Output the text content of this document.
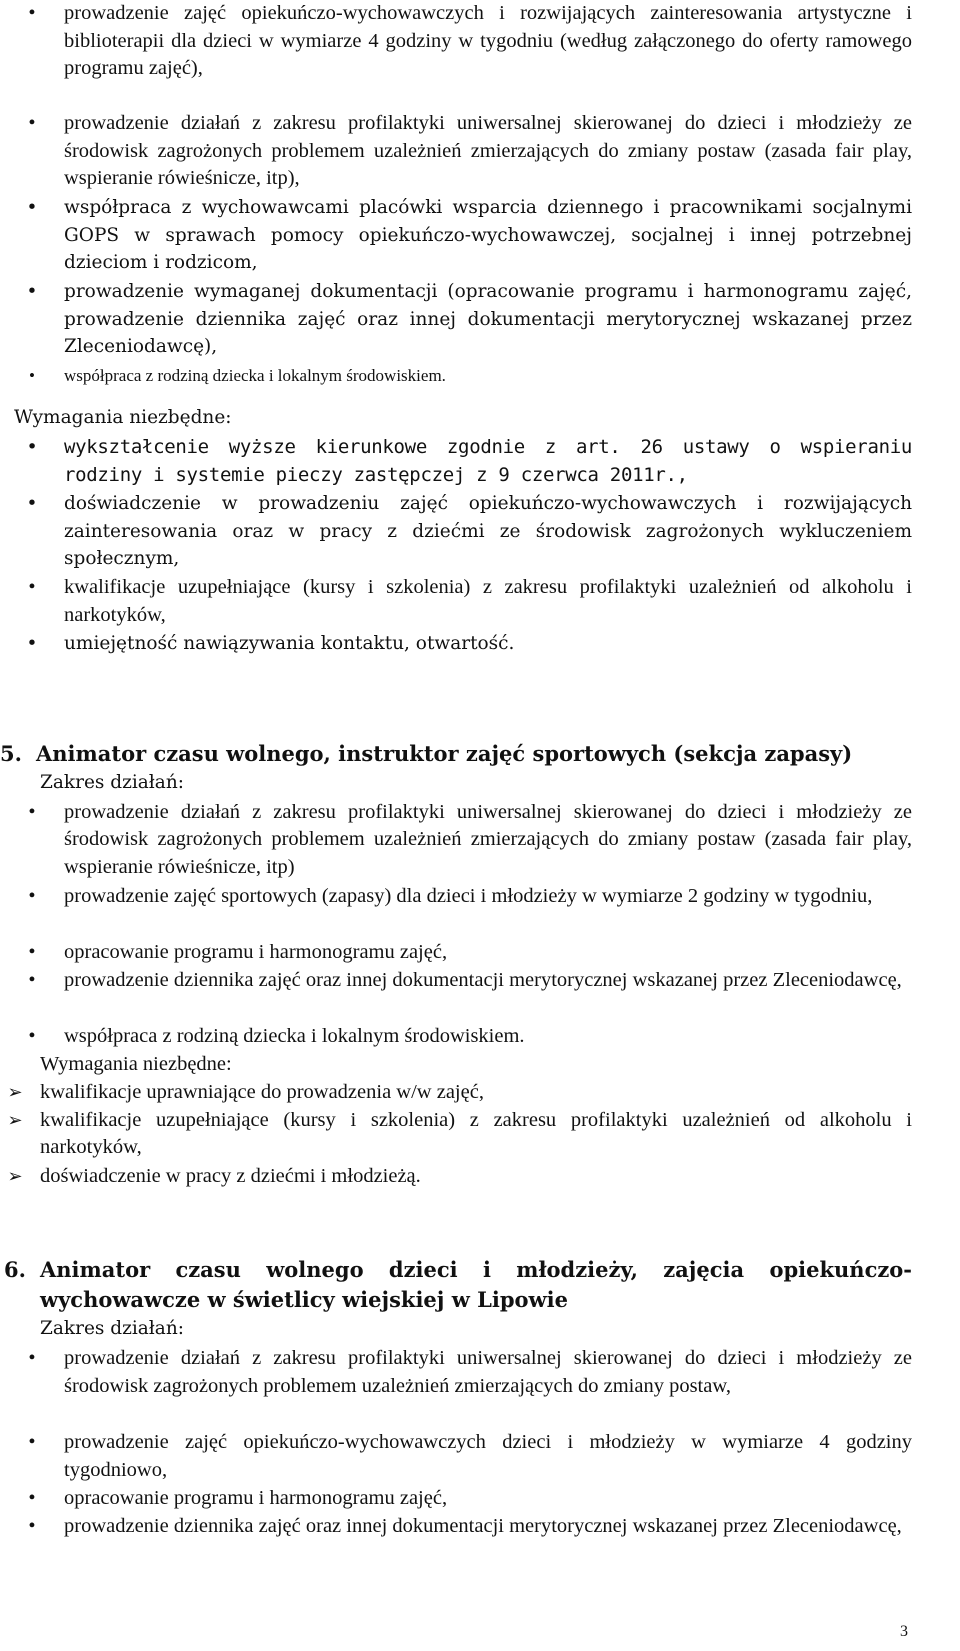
•	prowadzenie zajęć opiekuńczo-wychowawczych i rozwijających zainteresowania artystyczne i biblioterapii dla dzieci w wymiarze 4 godziny w tygodniu (według załączonego do oferty ramowego programu zajęć),
•	prowadzenie działań z zakresu profilaktyki uniwersalnej skierowanej do dzieci i młodzieży ze środowisk zagrożonych problemem uzależnień zmierzających do zmiany postaw (zasada fair play, wspieranie rówieśnicze, itp),
• współpraca z wychowawcami placówki wsparcia dziennego i pracownikami socjalnymi GOPS w sprawach pomocy opiekuńczo-wychowawczej, socjalnej i innej potrzebnej dzieciom i rodzicom,
• prowadzenie wymaganej dokumentacji (opracowanie programu i harmonogramu zajęć, prowadzenie dziennika zajęć oraz innej dokumentacji merytorycznej wskazanej przez Zleceniodawcę),
•	współpraca z rodziną dziecka i lokalnym środowiskiem.

Wymagania niezbędne:

• wykształcenie wyższe kierunkowe zgodnie z art. 26 ustawy o wspieraniu rodziny i systemie pieczy zastępczej z 9 czerwca 2011r.,
• doświadczenie w prowadzeniu zajęć opiekuńczo-wychowawczych i rozwijających zainteresowania oraz w pracy z dziećmi ze środowisk zagrożonych wykluczeniem społecznym,
•	kwalifikacje uzupełniające (kursy i szkolenia) z zakresu profilaktyki uzależnień od alkoholu i narkotyków,
• umiejętność nawiązywania kontaktu, otwartość.

5. Animator czasu wolnego, instruktor zajęć sportowych (sekcja zapasy)

Zakres działań:

•	prowadzenie działań z zakresu profilaktyki uniwersalnej skierowanej do dzieci i młodzieży ze środowisk zagrożonych problemem uzależnień zmierzających do zmiany postaw (zasada fair play, wspieranie rówieśnicze, itp)
•	prowadzenie zajęć sportowych (zapasy) dla dzieci i młodzieży w wymiarze 2 godziny w tygodniu,
•	opracowanie programu i harmonogramu zajęć,
•	prowadzenie dziennika zajęć oraz innej dokumentacji merytorycznej wskazanej przez Zleceniodawcę,
•	współpraca z rodziną dziecka i lokalnym środowiskiem.

Wymagania niezbędne:

➢ kwalifikacje uprawniające do prowadzenia w/w zajęć,
➢ kwalifikacje uzupełniające (kursy i szkolenia) z zakresu profilaktyki uzależnień od alkoholu i narkotyków,
➢ doświadczenie w pracy z dziećmi i młodzieżą.

6. Animator czasu wolnego dzieci i młodzieży, zajęcia opiekuńczo-wychowawcze w świetlicy wiejskiej w Lipowie

Zakres działań:

•	prowadzenie działań z zakresu profilaktyki uniwersalnej skierowanej do dzieci i młodzieży ze środowisk zagrożonych problemem uzależnień zmierzających do zmiany postaw,
•	prowadzenie zajęć opiekuńczo-wychowawczych dzieci i młodzieży w wymiarze 4 godziny tygodniowo,
•	opracowanie programu i harmonogramu zajęć,
•	prowadzenie dziennika zajęć oraz innej dokumentacji merytorycznej wskazanej przez Zleceniodawcę,
3
